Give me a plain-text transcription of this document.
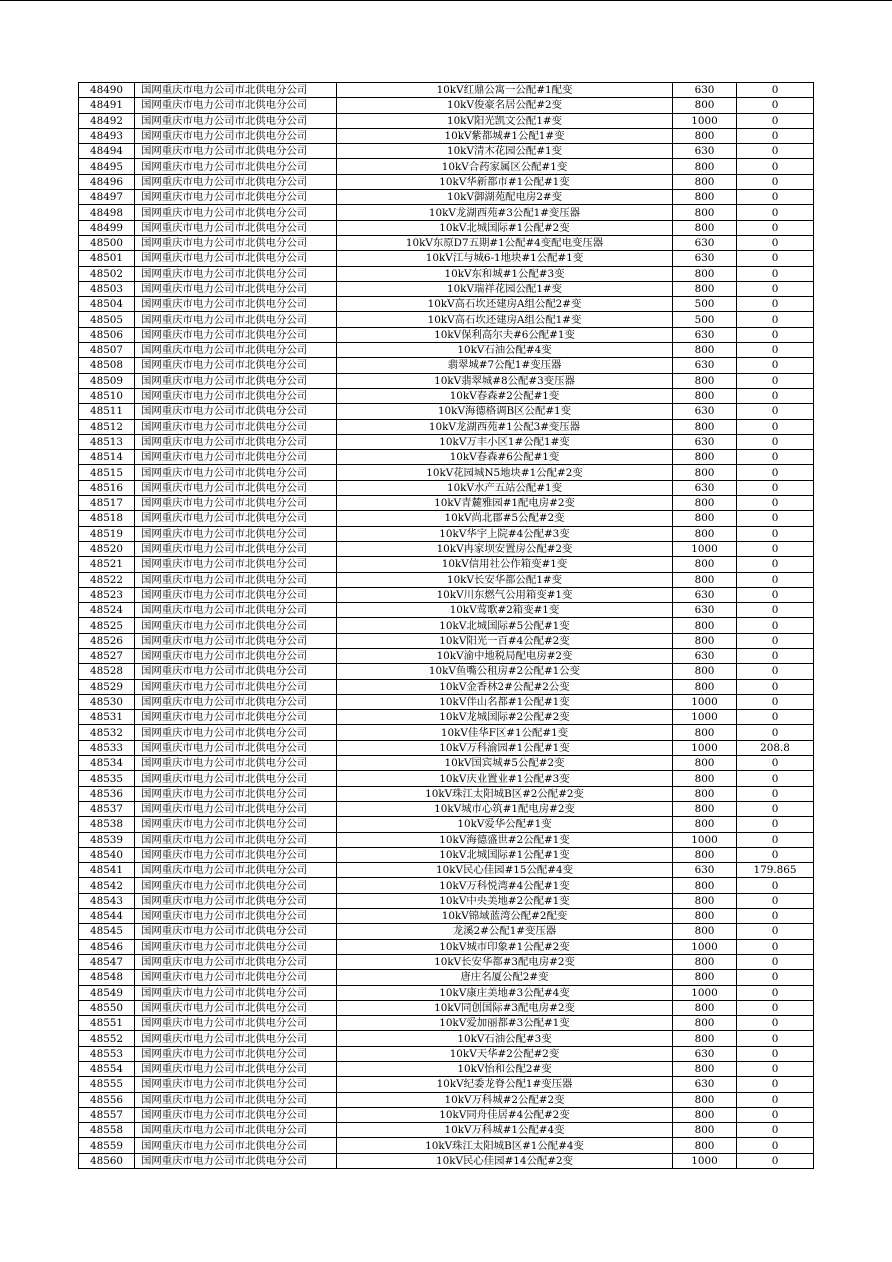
48490	国网重庆市电力公司市北供电分公司	10kV红鼎公寓一公配#1配变	630	0
48491	国网重庆市电力公司市北供电分公司	10kV俊豪名居公配#2变	800	0
48492	国网重庆市电力公司市北供电分公司	10kV阳光凯文公配1#变	1000	0
48493	国网重庆市电力公司市北供电分公司	10kV紫都城#1公配1#变	800	0
48494	国网重庆市电力公司市北供电分公司	10kV清木花园公配#1变	630	0
48495	国网重庆市电力公司市北供电分公司	10kV合药家属区公配#1变	800	0
48496	国网重庆市电力公司市北供电分公司	10kV华新都市#1公配#1变	800	0
48497	国网重庆市电力公司市北供电分公司	10kV御湖苑配电房2#变	800	0
48498	国网重庆市电力公司市北供电分公司	10kV龙湖西苑#3公配1#变压器	800	0
48499	国网重庆市电力公司市北供电分公司	10kV北城国际#1公配#2变	800	0
48500	国网重庆市电力公司市北供电分公司	10kV东原D7五期#1公配#4变配电变压器	630	0
48501	国网重庆市电力公司市北供电分公司	10kV江与城6-1地块#1公配#1变	630	0
48502	国网重庆市电力公司市北供电分公司	10kV东和城#1公配#3变	800	0
48503	国网重庆市电力公司市北供电分公司	10kV瑞祥花园公配1#变	800	0
48504	国网重庆市电力公司市北供电分公司	10kV高石坎还建房A组公配2#变	500	0
48505	国网重庆市电力公司市北供电分公司	10kV高石坎还建房A组公配1#变	500	0
48506	国网重庆市电力公司市北供电分公司	10kV保利高尔夫#6公配#1变	630	0
48507	国网重庆市电力公司市北供电分公司	10kV石油公配#4变	800	0
48508	国网重庆市电力公司市北供电分公司	翡翠城#7公配1#变压器	630	0
48509	国网重庆市电力公司市北供电分公司	10kV翡翠城#8公配#3变压器	800	0
48510	国网重庆市电力公司市北供电分公司	10kV春森#2公配#1变	800	0
48511	国网重庆市电力公司市北供电分公司	10kV海德格调B区公配#1变	630	0
48512	国网重庆市电力公司市北供电分公司	10kV龙湖西苑#1公配3#变压器	800	0
48513	国网重庆市电力公司市北供电分公司	10kV万丰小区1#公配1#变	630	0
48514	国网重庆市电力公司市北供电分公司	10kV春森#6公配#1变	800	0
48515	国网重庆市电力公司市北供电分公司	10kV花园城N5地块#1公配#2变	800	0
48516	国网重庆市电力公司市北供电分公司	10kV水产五站公配#1变	630	0
48517	国网重庆市电力公司市北供电分公司	10kV青麓雅园#1配电房#2变	800	0
48518	国网重庆市电力公司市北供电分公司	10kV尚北郡#5公配#2变	800	0
48519	国网重庆市电力公司市北供电分公司	10kV华宇上院#4公配#3变	800	0
48520	国网重庆市电力公司市北供电分公司	10kV冉家坝安置房公配#2变	1000	0
48521	国网重庆市电力公司市北供电分公司	10kV信用社公作箱变#1变	800	0
48522	国网重庆市电力公司市北供电分公司	10kV长安华都公配1#变	800	0
48523	国网重庆市电力公司市北供电分公司	10kV川东燃气公用箱变#1变	630	0
48524	国网重庆市电力公司市北供电分公司	10kV莺歌#2箱变#1变	630	0
48525	国网重庆市电力公司市北供电分公司	10kV北城国际#5公配#1变	800	0
48526	国网重庆市电力公司市北供电分公司	10kV阳光一百#4公配#2变	800	0
48527	国网重庆市电力公司市北供电分公司	10kV渝中地税局配电房#2变	630	0
48528	国网重庆市电力公司市北供电分公司	10kV鱼嘴公租房#2公配#1公变	800	0
48529	国网重庆市电力公司市北供电分公司	10kV金香林2#公配#2公变	800	0
48530	国网重庆市电力公司市北供电分公司	10kV伴山名都#1公配#1变	1000	0
48531	国网重庆市电力公司市北供电分公司	10kV龙城国际#2公配#2变	1000	0
48532	国网重庆市电力公司市北供电分公司	10kV佳华F区#1公配#1变	800	0
48533	国网重庆市电力公司市北供电分公司	10kV万科渝园#1公配#1变	1000	208.8
48534	国网重庆市电力公司市北供电分公司	10kV国宾城#5公配#2变	800	0
48535	国网重庆市电力公司市北供电分公司	10kV庆业置业#1公配#3变	800	0
48536	国网重庆市电力公司市北供电分公司	10kV珠江太阳城B区#2公配#2变	800	0
48537	国网重庆市电力公司市北供电分公司	10kV城市心筑#1配电房#2变	800	0
48538	国网重庆市电力公司市北供电分公司	10kV爱华公配#1变	800	0
48539	国网重庆市电力公司市北供电分公司	10kV海德盛世#2公配#1变	1000	0
48540	国网重庆市电力公司市北供电分公司	10kV北城国际#1公配#1变	800	0
48541	国网重庆市电力公司市北供电分公司	10kV民心佳园#15公配#4变	630	179.865
48542	国网重庆市电力公司市北供电分公司	10kV万科悦湾#4公配#1变	800	0
48543	国网重庆市电力公司市北供电分公司	10kV中央美地#2公配#1变	800	0
48544	国网重庆市电力公司市北供电分公司	10kV锦域蓝湾公配#2配变	800	0
48545	国网重庆市电力公司市北供电分公司	龙溪2#公配1#变压器	800	0
48546	国网重庆市电力公司市北供电分公司	10kV城市印象#1公配#2变	1000	0
48547	国网重庆市电力公司市北供电分公司	10kV长安华都#3配电房#2变	800	0
48548	国网重庆市电力公司市北供电分公司	唐庄名厦公配2#变	800	0
48549	国网重庆市电力公司市北供电分公司	10kV康庄美地#3公配#4变	1000	0
48550	国网重庆市电力公司市北供电分公司	10kV同创国际#3配电房#2变	800	0
48551	国网重庆市电力公司市北供电分公司	10kV爱加丽都#3公配#1变	800	0
48552	国网重庆市电力公司市北供电分公司	10kV石油公配#3变	800	0
48553	国网重庆市电力公司市北供电分公司	10kV天华#2公配#2变	630	0
48554	国网重庆市电力公司市北供电分公司	10kV怡和公配2#变	800	0
48555	国网重庆市电力公司市北供电分公司	10kV纪委龙脊公配1#变压器	630	0
48556	国网重庆市电力公司市北供电分公司	10kV万科城#2公配#2变	800	0
48557	国网重庆市电力公司市北供电分公司	10kV同舟佳居#4公配#2变	800	0
48558	国网重庆市电力公司市北供电分公司	10kV万科城#1公配#4变	800	0
48559	国网重庆市电力公司市北供电分公司	10kV珠江太阳城B区#1公配#4变	800	0
48560	国网重庆市电力公司市北供电分公司	10kV民心佳园#14公配#2变	1000	0
